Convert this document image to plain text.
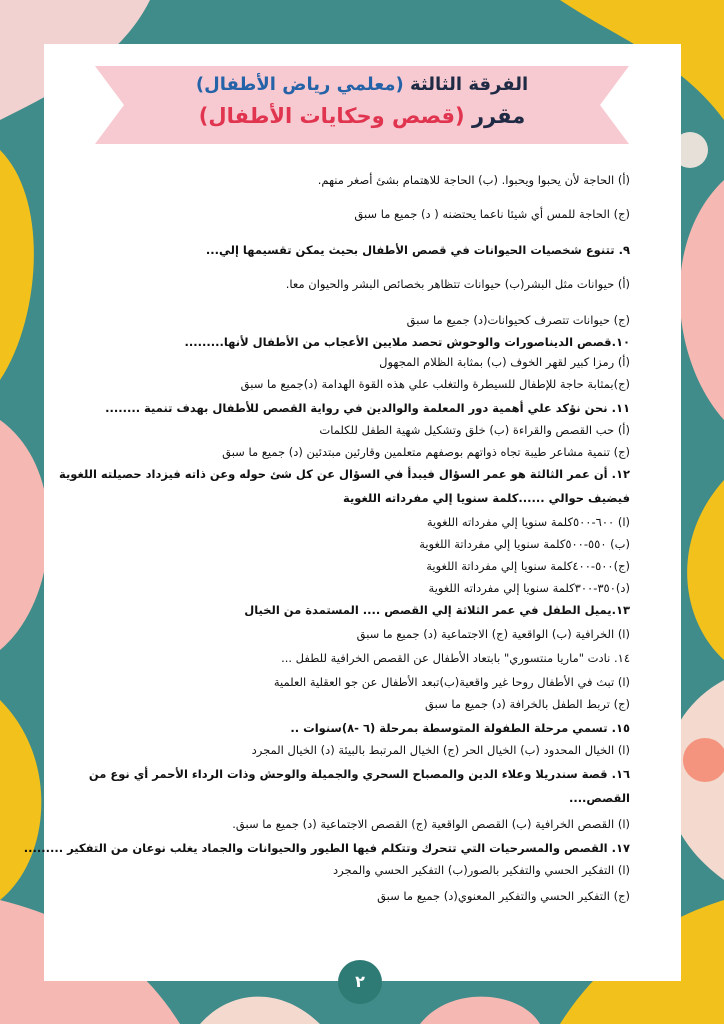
الفرقة الثالثة (معلمي رياض الأطفال)
مقرر (قصص وحكايات الأطفال)
(أ) الحاجة لأن يحبوا ويحبوا. (ب) الحاجة للاهتمام بشئ أصغر منهم.
(ج) الحاجة للمس أي شيئا ناعما يحتضنه ( د) جميع ما سبق
٩. تتنوع شخصيات الحيوانات في قصص الأطفال بحيث يمكن تقسيمها إلي...
(أ) حيوانات مثل البشر(ب) حيوانات تتظاهر بخصائص البشر والحيوان معا.
(ج) حيوانات تتصرف كحيوانات(د) جميع ما سبق
١٠.قصص الديناصورات والوحوش تحصد ملايين الأعجاب من الأطفال لأنها.........
(أ) رمزا كبير لقهر الخوف (ب) بمثابة الظلام المجهول
(ج)بمثابة حاجة للإطفال للسيطرة والتغلب علي هذه القوة الهدامة (د)جميع ما سبق
١١. نحن نؤكد علي أهمية دور المعلمة والوالدين في رواية القصص للأطفال بهدف تنمية ........
(أ) حب القصص والقراءة (ب) خلق وتشكيل شهية الطفل للكلمات
(ج) تنمية مشاعر طيبة تجاه ذواتهم بوصفهم متعلمين وقارئين مبتدئين (د) جميع ما سبق
١٢. أن عمر الثالثة هو عمر السؤال فيبدأ في السؤال عن كل شئ حوله وعن ذاته فيزداد حصيلته اللغوية
فيضيف حوالي ......كلمة سنويا إلي مفرداته اللغوية
(ا) ٦٠٠-٥٠٠كلمة سنويا إلي مفرداته اللغوية
(ب) ٥٥٠-٥٠٠كلمة سنويا إلي مفرداتة اللغوية
(ج)٥٠٠-٤٠٠كلمة سنويا إلي مفرداتة اللغوية
(د)٣٥٠-٣٠٠كلمة سنويا إلي مفرداته اللغوية
١٣.يميل الطفل في عمر الثلاثة إلي القصص .... المستمدة من الخيال
(ا) الخرافية (ب) الواقعية (ج) الاجتماعية (د) جميع ما سبق
١٤. نادت "ماريا منتسوري" بابتعاد الأطفال عن القصص الخرافية للطفل ...
(ا) تبث في الأطفال روحا غير واقعية(ب)تبعد الأطفال عن جو العقلية العلمية
(ج) تربط الطفل بالخرافة (د) جميع ما سبق
١٥. تسمي مرحلة الطفولة المتوسطة بمرحلة (٦ -٨)سنوات ..
(ا) الخيال المحدود (ب) الخيال الحر (ج) الخيال المرتبط بالبيئة (د) الخيال المجرد
١٦. قصة سندريلا وعلاء الدين والمصباح السحري والجميلة والوحش وذات الرداء الأحمر أي نوع من
القصص....
(ا) القصص الخرافية (ب) القصص الواقعية (ج) القصص الاجتماعية (د) جميع ما سبق.
١٧. القصص والمسرحيات التي تتحرك وتتكلم فيها الطيور والحيوانات والجماد يغلب نوعان من التفكير .........
(ا) التفكير الحسي والتفكير بالصور(ب) التفكير الحسي والمجرد
(ج) التفكير الحسي والتفكير المعنوي(د) جميع ما سبق
٢
